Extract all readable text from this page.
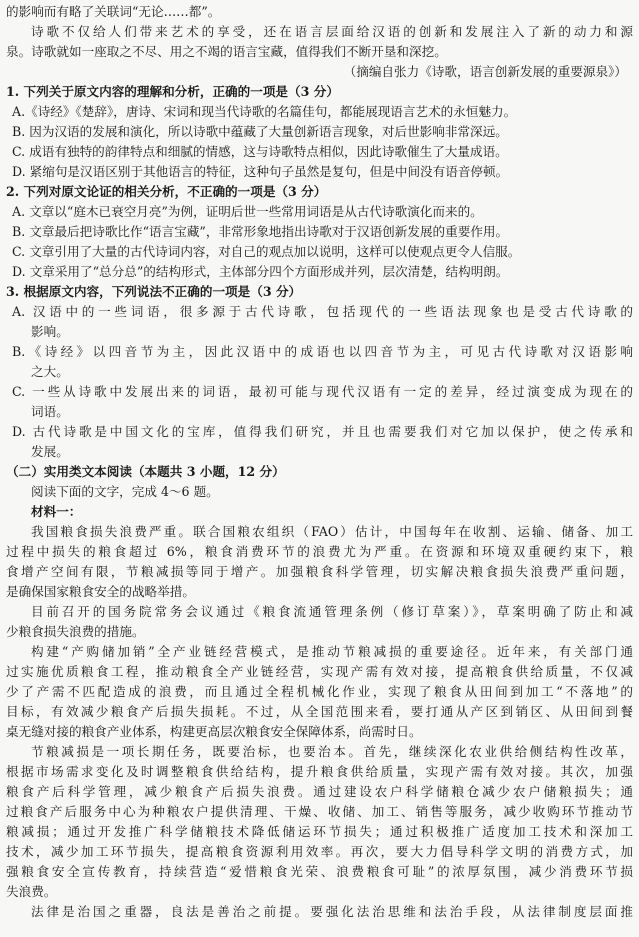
的影响而有略了关联词“无论……都”。
诗歌不仅给人们带来艺术的享受，还在语言层面给汉语的创新和发展注入了新的动力和源
泉。诗歌就如一座取之不尽、用之不竭的语言宝藏，值得我们不断开垦和深挖。
（摘编自张力《诗歌，语言创新发展的重要源泉》）
1. 下列关于原文内容的理解和分析，正确的一项是（3 分）
A.《诗经》《楚辞》，唐诗、宋词和现当代诗歌的名篇佳句，都能展现语言艺术的永恒魅力。
B. 因为汉语的发展和演化，所以诗歌中蕴藏了大量创新语言现象，对后世影响非常深远。
C. 成语有独特的韵律特点和细腻的情感，这与诗歌特点相似，因此诗歌催生了大量成语。
D. 紧缩句是汉语区别于其他语言的特征，这种句子虽然是复句，但是中间没有语音停顿。
2. 下列对原文论证的相关分析，不正确的一项是（3 分）
A. 文章以“庭木已衰空月亮”为例，证明后世一些常用词语是从古代诗歌演化而来的。
B. 文章最后把诗歌比作“语言宝藏”，非常形象地指出诗歌对于汉语创新发展的重要作用。
C. 文章引用了大量的古代诗词内容，对自己的观点加以说明，这样可以使观点更令人信服。
D. 文章采用了“总分总”的结构形式，主体部分四个方面形成并列，层次清楚，结构明朗。
3. 根据原文内容，下列说法不正确的一项是（3 分）
A. 汉语中的一些词语，很多源于古代诗歌，包括现代的一些语法现象也是受古代诗歌的
影响。
B.《诗经》以四音节为主，因此汉语中的成语也以四音节为主，可见古代诗歌对汉语影响
之大。
C. 一些从诗歌中发展出来的词语，最初可能与现代汉语有一定的差异，经过演变成为现在的
词语。
D. 古代诗歌是中国文化的宝库，值得我们研究，并且也需要我们对它加以保护，使之传承和
发展。
（二）实用类文本阅读（本题共 3 小题，12 分）
阅读下面的文字，完成 4～6 题。
材料一：
我国粮食损失浪费严重。联合国粮农组织（FAO）估计，中国每年在收割、运输、储备、加工
过程中损失的粮食超过 6%，粮食消费环节的浪费尤为严重。在资源和环境双重硬约束下，粮
食增产空间有限，节粮减损等同于增产。加强粮食科学管理，切实解决粮食损失浪费严重问题，
是确保国家粮食安全的战略举措。
目前召开的国务院常务会议通过《粮食流通管理条例（修订草案）》，草案明确了防止和减
少粮食损失浪费的措施。
构建“产购储加销”全产业链经营模式，是推动节粮减损的重要途径。近年来，有关部门通
过实施优质粮食工程，推动粮食全产业链经营，实现产需有效对接，提高粮食供给质量，不仅减
少了产需不匹配造成的浪费，而且通过全程机械化作业，实现了粮食从田间到加工“不落地”的
目标，有效减少粮食产后损失损耗。不过，从全国范围来看，要打通从产区到销区、从田间到餐
桌无缝对接的粮食产业体系，构建更高层次粮食安全保障体系，尚需时日。
节粮减损是一项长期任务，既要治标，也要治本。首先，继续深化农业供给侧结构性改革，
根据市场需求变化及时调整粮食供给结构，提升粮食供给质量，实现产需有效对接。其次，加强
粮食产后科学管理，减少粮食产后损失浪费。通过建设农户科学储粮仓减少农户储粮损失；通
过粮食产后服务中心为种粮农户提供清理、干燥、收储、加工、销售等服务，减少收购环节推动节
粮减损；通过开发推广科学储粮技术降低储运环节损失；通过积极推广适度加工技术和深加工
技术，减少加工环节损失，提高粮食资源利用效率。再次，要大力倡导科学文明的消费方式，加
强粮食安全宣传教育，持续营造“爱惜粮食光荣、浪费粮食可耻”的浓厚氛围，减少消费环节损
失浪费。
法律是治国之重器，良法是善治之前提。要强化法治思维和法治手段，从法律制度层面推
